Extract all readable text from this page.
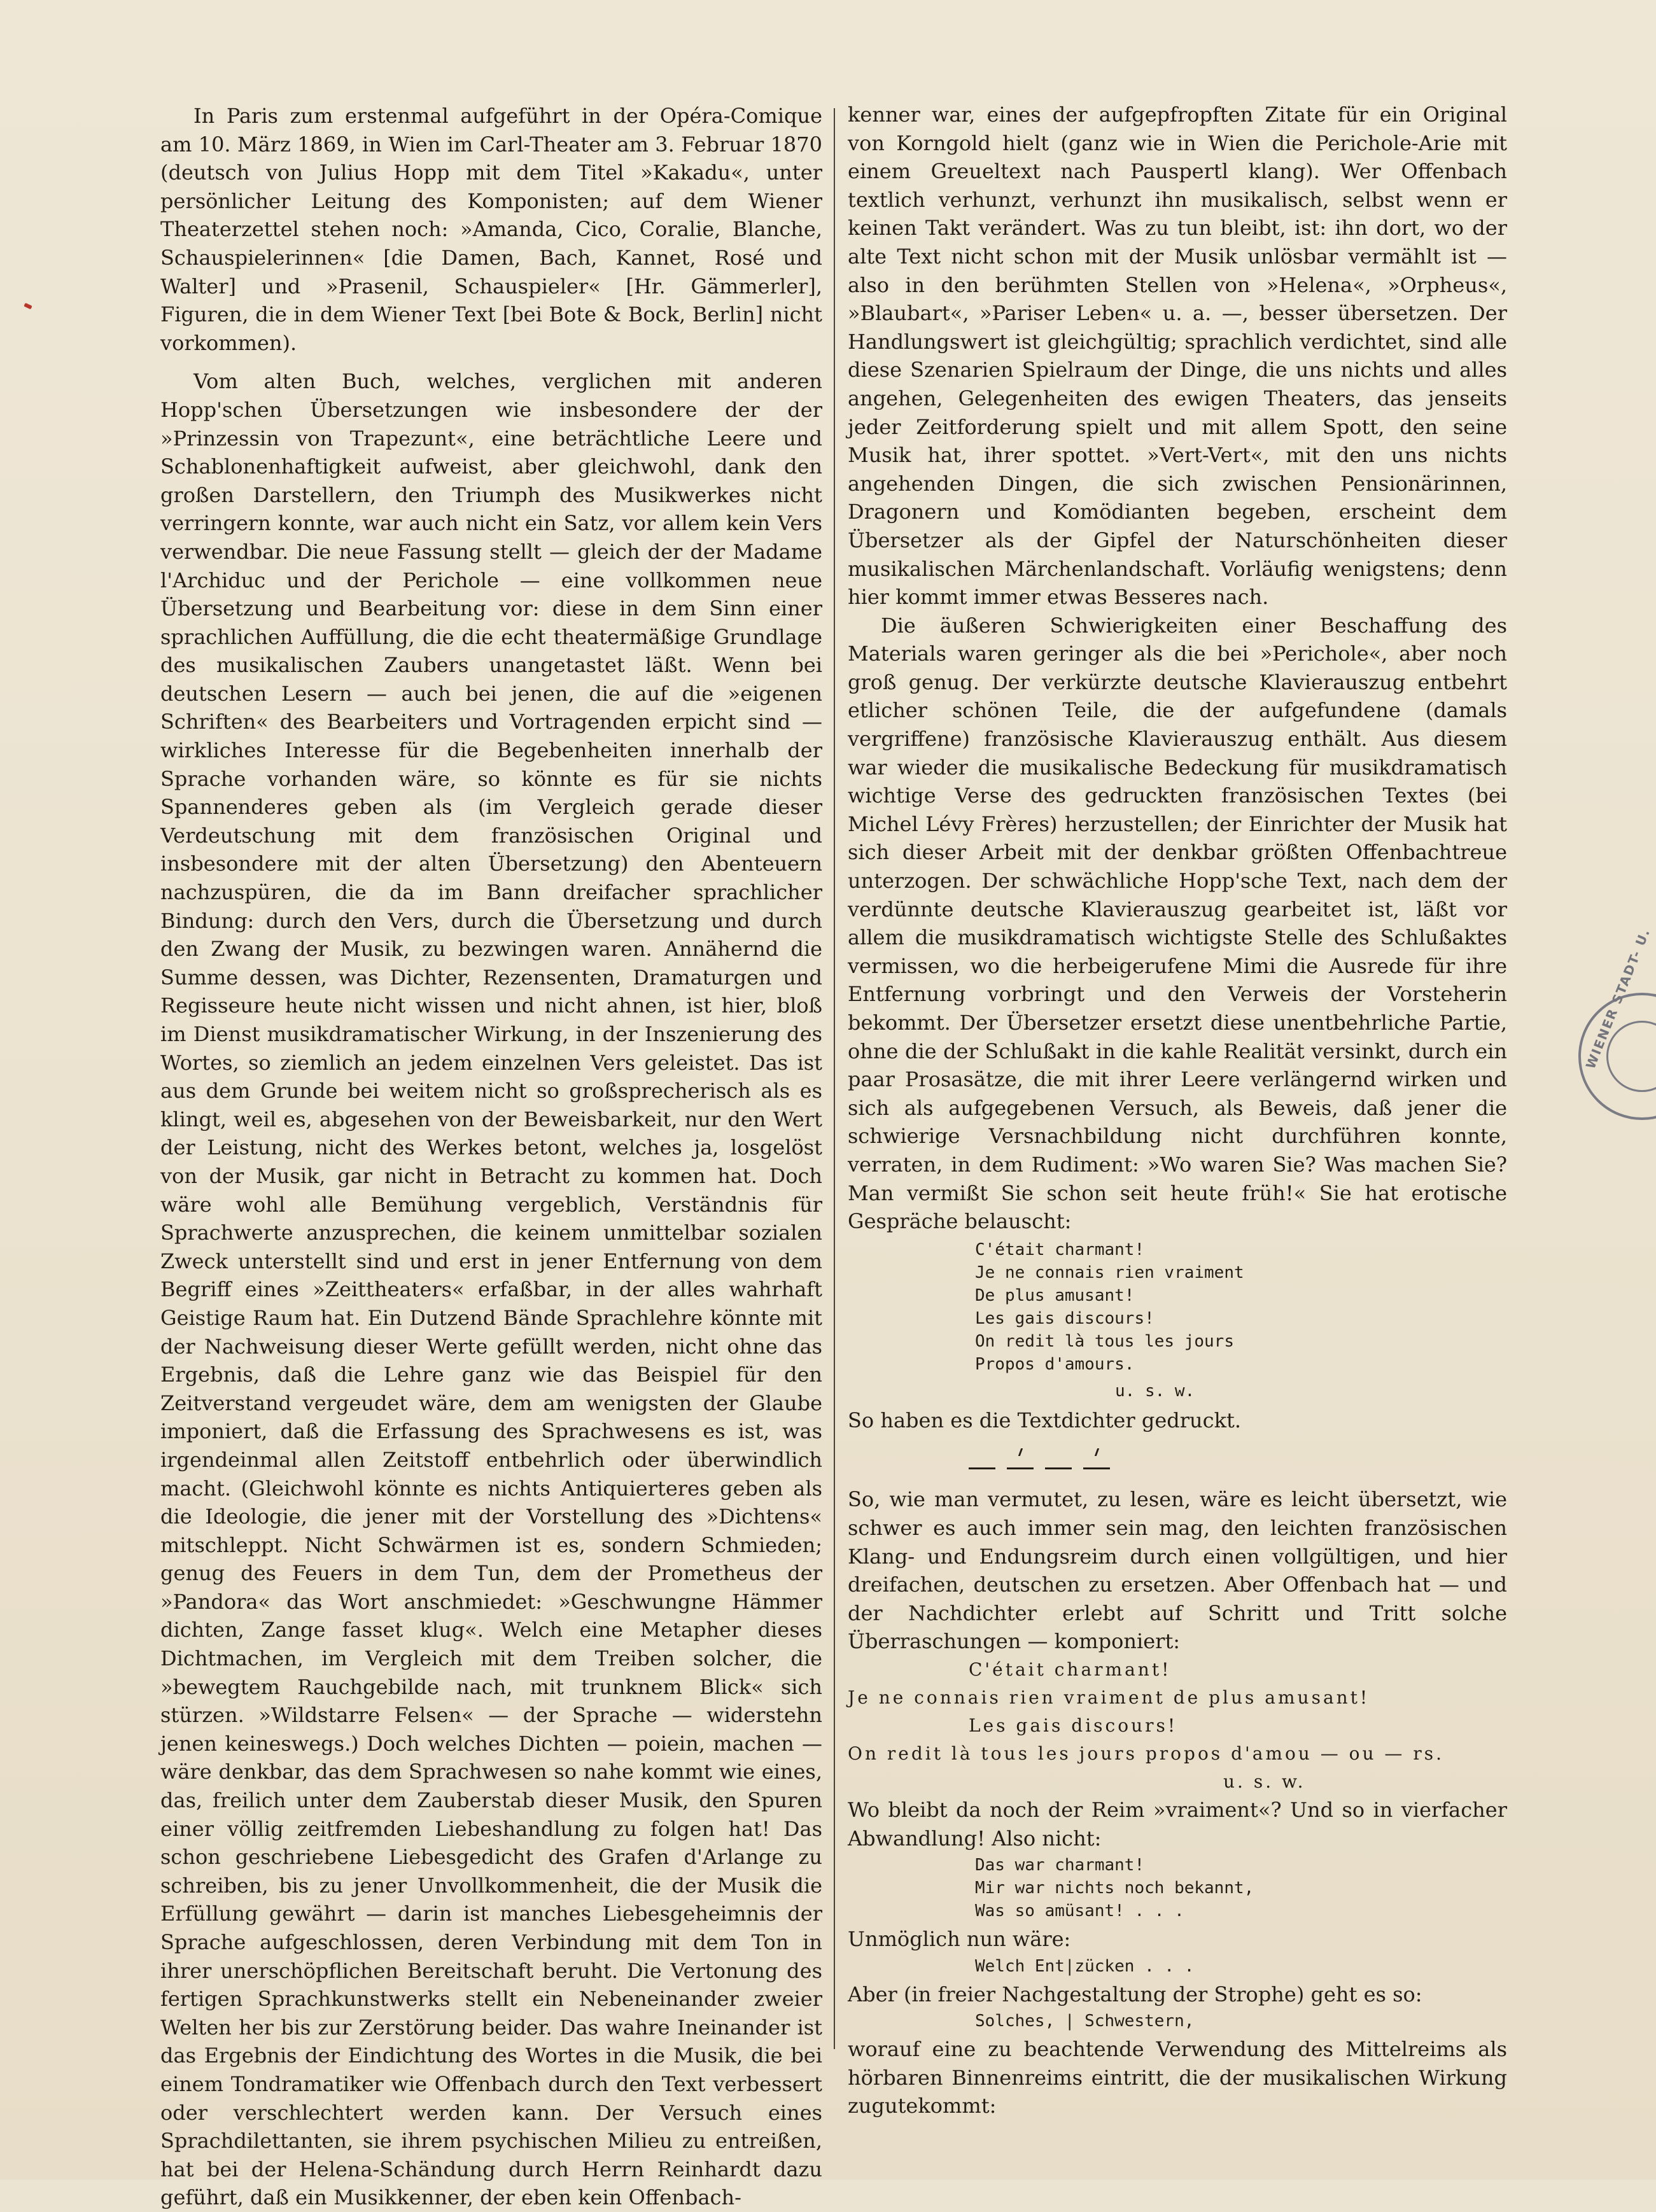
In Paris zum erstenmal aufgeführt in der Opéra-Comique am 10. März 1869, in Wien im Carl-Theater am 3. Februar 1870 (deutsch von Julius Hopp mit dem Titel »Kakadu«, unter persönlicher Leitung des Komponisten; auf dem Wiener Theaterzettel stehen noch: »Amanda, Cico, Coralie, Blanche, Schauspielerinnen« [die Damen, Bach, Kannet, Rosé und Walter] und »Prasenil, Schauspieler« [Hr. Gämmerler], Figuren, die in dem Wiener Text [bei Bote & Bock, Berlin] nicht vorkommen).

Vom alten Buch, welches, verglichen mit anderen Hopp'schen Übersetzungen wie insbesondere der der »Prinzessin von Trapezunt«, eine beträchtliche Leere und Schablonenhaftigkeit aufweist, aber gleichwohl, dank den großen Darstellern, den Triumph des Musikwerkes nicht verringern konnte, war auch nicht ein Satz, vor allem kein Vers verwendbar. Die neue Fassung stellt — gleich der der Madame l'Archiduc und der Perichole — eine vollkommen neue Übersetzung und Bearbeitung vor: diese in dem Sinn einer sprachlichen Auffüllung, die die echt theatermäßige Grundlage des musikalischen Zaubers unangetastet läßt. Wenn bei deutschen Lesern — auch bei jenen, die auf die »eigenen Schriften« des Bearbeiters und Vortragenden erpicht sind — wirkliches Interesse für die Begebenheiten innerhalb der Sprache vorhanden wäre, so könnte es für sie nichts Spannenderes geben als (im Vergleich gerade dieser Verdeutschung mit dem französischen Original und insbesondere mit der alten Übersetzung) den Abenteuern nachzuspüren, die da im Bann dreifacher sprachlicher Bindung: durch den Vers, durch die Übersetzung und durch den Zwang der Musik, zu bezwingen waren. Annähernd die Summe dessen, was Dichter, Rezensenten, Dramaturgen und Regisseure heute nicht wissen und nicht ahnen, ist hier, bloß im Dienst musikdramatischer Wirkung, in der Inszenierung des Wortes, so ziemlich an jedem einzelnen Vers geleistet. Das ist aus dem Grunde bei weitem nicht so großsprecherisch als es klingt, weil es, abgesehen von der Beweisbarkeit, nur den Wert der Leistung, nicht des Werkes betont, welches ja, losgelöst von der Musik, gar nicht in Betracht zu kommen hat. Doch wäre wohl alle Bemühung vergeblich, Verständnis für Sprachwerte anzusprechen, die keinem unmittelbar sozialen Zweck unterstellt sind und erst in jener Entfernung von dem Begriff eines »Zeittheaters« erfaßbar, in der alles wahrhaft Geistige Raum hat. Ein Dutzend Bände Sprachlehre könnte mit der Nachweisung dieser Werte gefüllt werden, nicht ohne das Ergebnis, daß die Lehre ganz wie das Beispiel für den Zeitverstand vergeudet wäre, dem am wenigsten der Glaube imponiert, daß die Erfassung des Sprachwesens es ist, was irgendeinmal allen Zeitstoff entbehrlich oder überwindlich macht. (Gleichwohl könnte es nichts Antiquierteres geben als die Ideologie, die jener mit der Vorstellung des »Dichtens« mitschleppt. Nicht Schwärmen ist es, sondern Schmieden; genug des Feuers in dem Tun, dem der Prometheus der »Pandora« das Wort anschmiedet: »Geschwungne Hämmer dichten, Zange fasset klug«. Welch eine Metapher dieses Dichtmachen, im Vergleich mit dem Treiben solcher, die »bewegtem Rauchgebilde nach, mit trunknem Blick« sich stürzen. »Wildstarre Felsen« — der Sprache — widerstehn jenen keineswegs.) Doch welches Dichten — poiein, machen — wäre denkbar, das dem Sprachwesen so nahe kommt wie eines, das, freilich unter dem Zauberstab dieser Musik, den Spuren einer völlig zeitfremden Liebeshandlung zu folgen hat! Das schon geschriebene Liebesgedicht des Grafen d'Arlange zu schreiben, bis zu jener Unvollkommenheit, die der Musik die Erfüllung gewährt — darin ist manches Liebesgeheimnis der Sprache aufgeschlossen, deren Verbindung mit dem Ton in ihrer unerschöpflichen Bereitschaft beruht. Die Vertonung des fertigen Sprachkunstwerks stellt ein Nebeneinander zweier Welten her bis zur Zerstörung beider. Das wahre Ineinander ist das Ergebnis der Eindichtung des Wortes in die Musik, die bei einem Tondramatiker wie Offenbach durch den Text verbessert oder verschlechtert werden kann. Der Versuch eines Sprachdilettanten, sie ihrem psychischen Milieu zu entreißen, hat bei der Helena-Schändung durch Herrn Reinhardt dazu geführt, daß ein Musikkenner, der eben kein Offenbach-

kenner war, eines der aufgepfropften Zitate für ein Original von Korngold hielt (ganz wie in Wien die Perichole-Arie mit einem Greueltext nach Pauspertl klang). Wer Offenbach textlich verhunzt, verhunzt ihn musikalisch, selbst wenn er keinen Takt verändert. Was zu tun bleibt, ist: ihn dort, wo der alte Text nicht schon mit der Musik unlösbar vermählt ist — also in den berühmten Stellen von »Helena«, »Orpheus«, »Blaubart«, »Pariser Leben« u. a. —, besser übersetzen. Der Handlungswert ist gleichgültig; sprachlich verdichtet, sind alle diese Szenarien Spielraum der Dinge, die uns nichts und alles angehen, Gelegenheiten des ewigen Theaters, das jenseits jeder Zeitforderung spielt und mit allem Spott, den seine Musik hat, ihrer spottet. »Vert-Vert«, mit den uns nichts angehenden Dingen, die sich zwischen Pensionärinnen, Dragonern und Komödianten begeben, erscheint dem Übersetzer als der Gipfel der Naturschönheiten dieser musikalischen Märchenlandschaft. Vorläufig wenigstens; denn hier kommt immer etwas Besseres nach.

Die äußeren Schwierigkeiten einer Beschaffung des Materials waren geringer als die bei »Perichole«, aber noch groß genug. Der verkürzte deutsche Klavierauszug entbehrt etlicher schönen Teile, die der aufgefundene (damals vergriffene) französische Klavierauszug enthält. Aus diesem war wieder die musikalische Bedeckung für musikdramatisch wichtige Verse des gedruckten französischen Textes (bei Michel Lévy Frères) herzustellen; der Einrichter der Musik hat sich dieser Arbeit mit der denkbar größten Offenbachtreue unterzogen. Der schwächliche Hopp'sche Text, nach dem der verdünnte deutsche Klavierauszug gearbeitet ist, läßt vor allem die musikdramatisch wichtigste Stelle des Schlußaktes vermissen, wo die herbeigerufene Mimi die Ausrede für ihre Entfernung vorbringt und den Verweis der Vorsteherin bekommt. Der Übersetzer ersetzt diese unentbehrliche Partie, ohne die der Schlußakt in die kahle Realität versinkt, durch ein paar Prosasätze, die mit ihrer Leere verlängernd wirken und sich als aufgegebenen Versuch, als Beweis, daß jener die schwierige Versnachbildung nicht durchführen konnte, verraten, in dem Rudiment: »Wo waren Sie? Was machen Sie? Man vermißt Sie schon seit heute früh!« Sie hat erotische Gespräche belauscht:

C'était charmant!
Je ne connais rien vraiment
De plus amusant!
Les gais discours!
On redit là tous les jours
Propos d'amours.
u. s. w.

So haben es die Textdichter gedruckt.

So, wie man vermutet, zu lesen, wäre es leicht übersetzt, wie schwer es auch immer sein mag, den leichten französischen Klang- und Endungsreim durch einen vollgültigen, und hier dreifachen, deutschen zu ersetzen. Aber Offenbach hat — und der Nachdichter erlebt auf Schritt und Tritt solche Überraschungen — komponiert:

C'était charmant!
Je ne connais rien vraiment de plus amusant!
Les gais discours!
On redit là tous les jours propos d'amou — ou — rs.
u. s. w.

Wo bleibt da noch der Reim »vraiment«? Und so in vierfacher Abwandlung! Also nicht:

Das war charmant!
Mir war nichts noch bekannt,
Was so amüsant! . . .

Unmöglich nun wäre:

Welch Ent|zücken . . .

Aber (in freier Nachgestaltung der Strophe) geht es so:

Solches, | Schwestern,

worauf eine zu beachtende Verwendung des Mittelreims als hörbaren Binnenreims eintritt, die der musikalischen Wirkung zugutekommt:

WIENER STADT- U.
